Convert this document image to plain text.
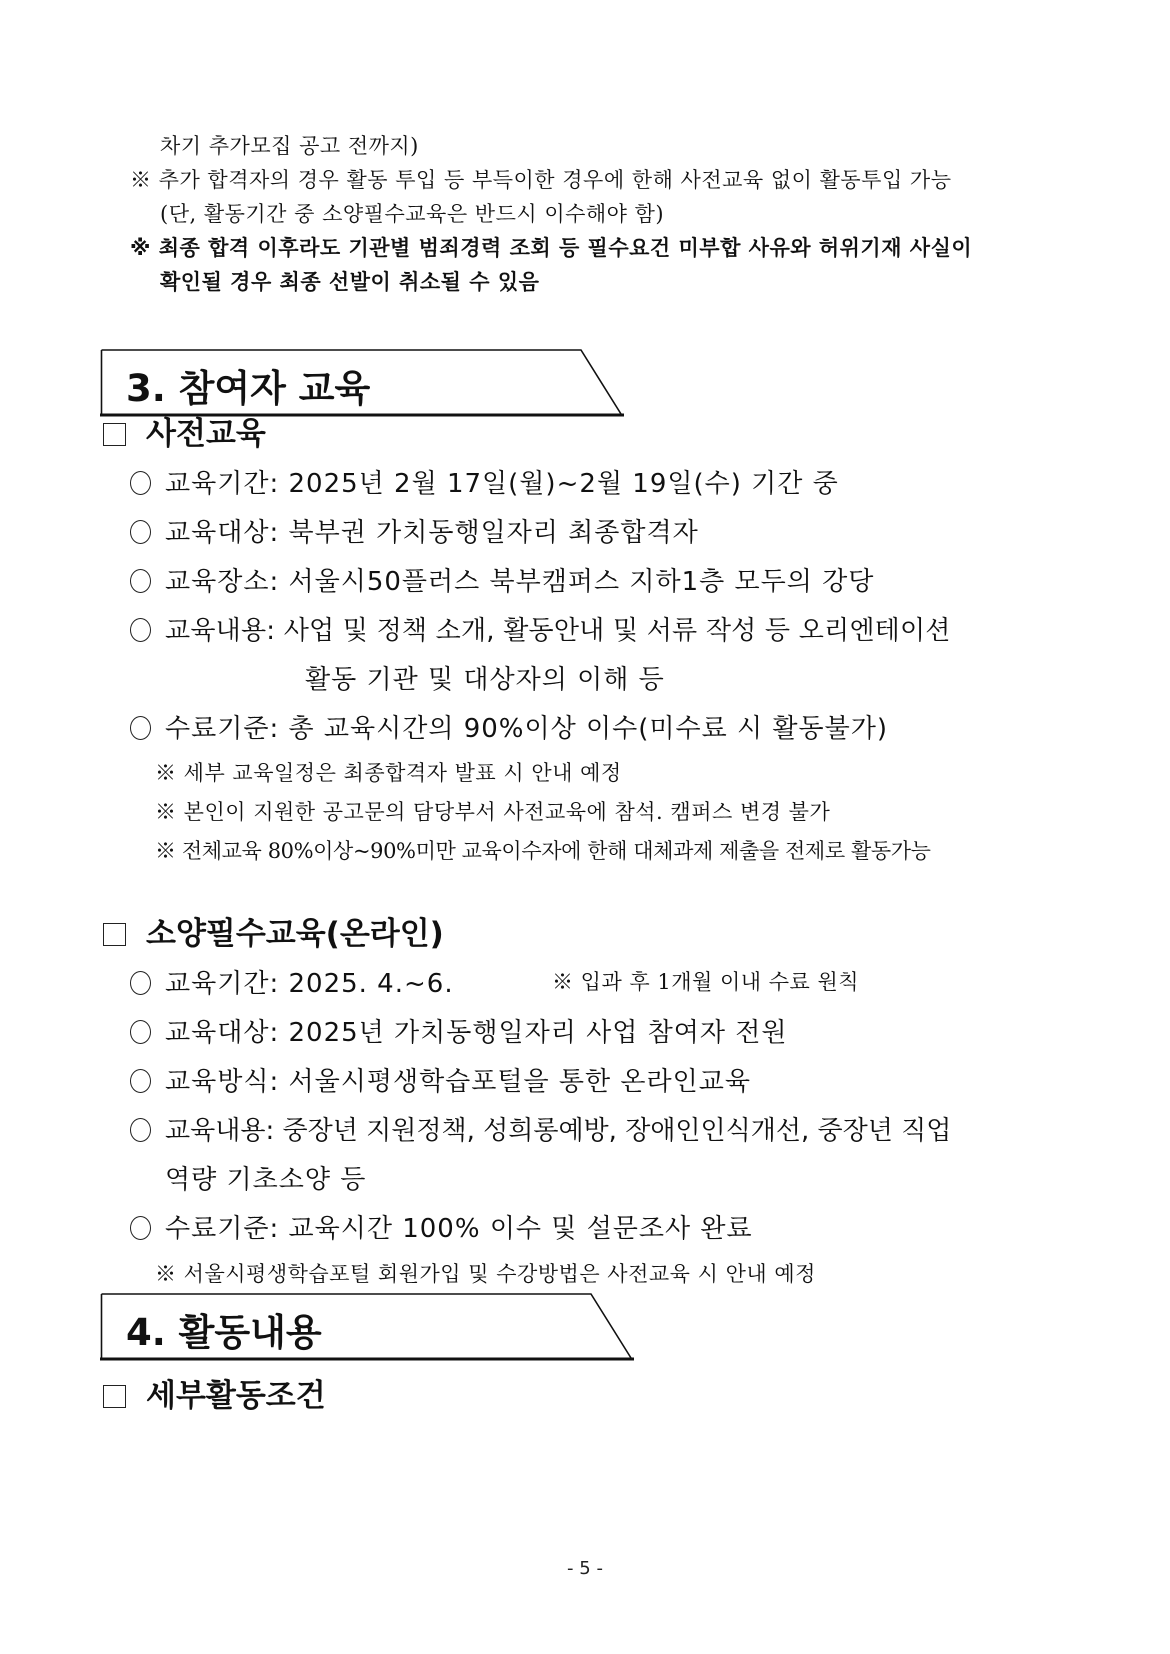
차기 추가모집 공고 전까지)
※ 추가 합격자의 경우 활동 투입 등 부득이한 경우에 한해 사전교육 없이 활동투입 가능
(단, 활동기간 중 소양필수교육은 반드시 이수해야 함)
※ 최종 합격 이후라도 기관별 범죄경력 조회 등 필수요건 미부합 사유와 허위기재 사실이
확인될 경우 최종 선발이 취소될 수 있음
3. 참여자 교육
사전교육
교육기간: 2025년 2월 17일(월)~2월 19일(수) 기간 중
교육대상: 북부권 가치동행일자리 최종합격자
교육장소: 서울시50플러스 북부캠퍼스 지하1층 모두의 강당
교육내용: 사업 및 정책 소개, 활동안내 및 서류 작성 등 오리엔테이션
활동 기관 및 대상자의 이해 등
수료기준: 총 교육시간의 90%이상 이수(미수료 시 활동불가)
※ 세부 교육일정은 최종합격자 발표 시 안내 예정
※ 본인이 지원한 공고문의 담당부서 사전교육에 참석. 캠퍼스 변경 불가
※ 전체교육 80%이상~90%미만 교육이수자에 한해 대체과제 제출을 전제로 활동가능
소양필수교육(온라인)
교육기간: 2025. 4.~6.	※ 입과 후 1개월 이내 수료 원칙
교육대상: 2025년 가치동행일자리 사업 참여자 전원
교육방식: 서울시평생학습포털을 통한 온라인교육
교육내용: 중장년 지원정책, 성희롱예방, 장애인인식개선, 중장년 직업
역량 기초소양 등
수료기준: 교육시간 100% 이수 및 설문조사 완료
※ 서울시평생학습포털 회원가입 및 수강방법은 사전교육 시 안내 예정
4. 활동내용
세부활동조건
- 5 -
